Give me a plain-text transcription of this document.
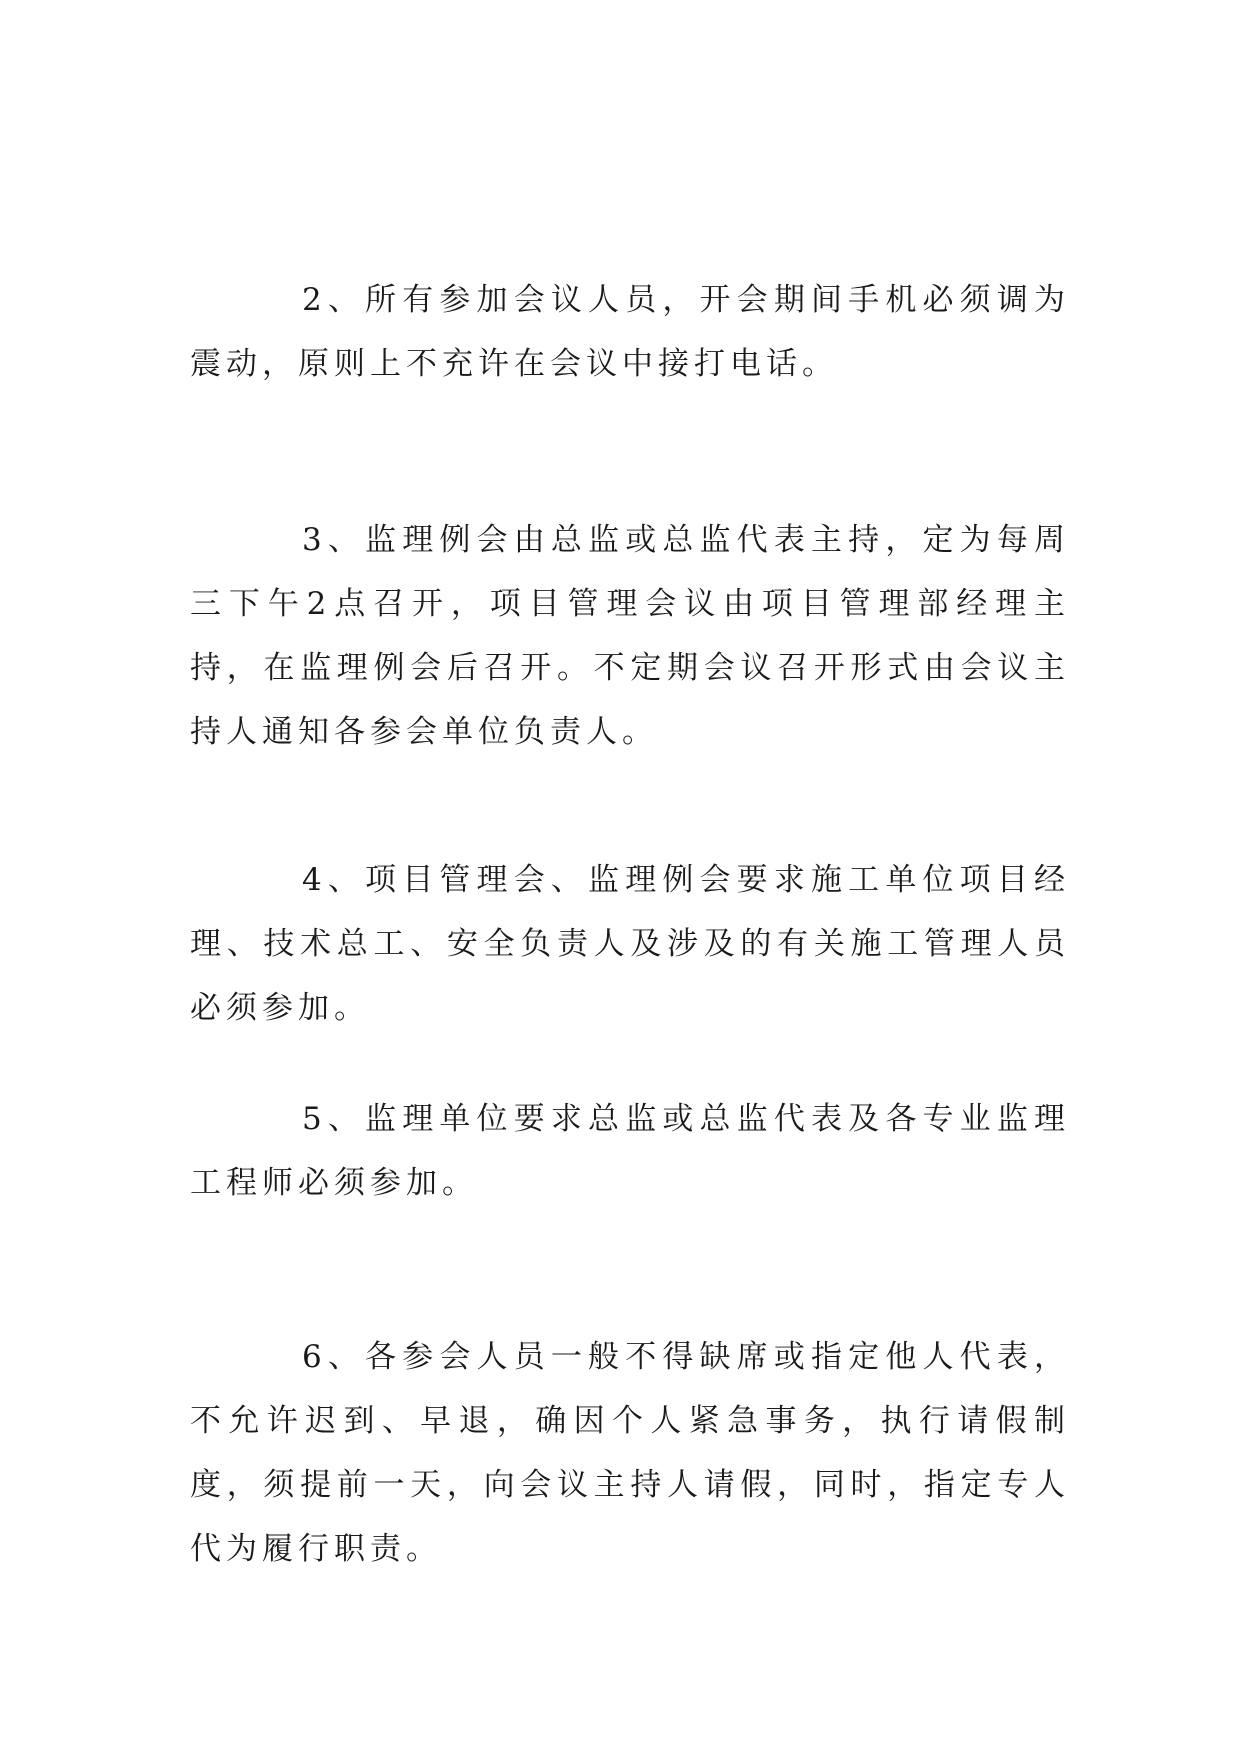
2、所有参加会议人员，开会期间手机必须调为震动，原则上不充许在会议中接打电话。

3、监理例会由总监或总监代表主持，定为每周三下午2点召开，项目管理会议由项目管理部经理主持，在监理例会后召开。不定期会议召开形式由会议主持人通知各参会单位负责人。

4、项目管理会、监理例会要求施工单位项目经理、技术总工、安全负责人及涉及的有关施工管理人员必须参加。

5、监理单位要求总监或总监代表及各专业监理工程师必须参加。

6、各参会人员一般不得缺席或指定他人代表，不允许迟到、早退，确因个人紧急事务，执行请假制度，须提前一天，向会议主持人请假，同时，指定专人代为履行职责。
